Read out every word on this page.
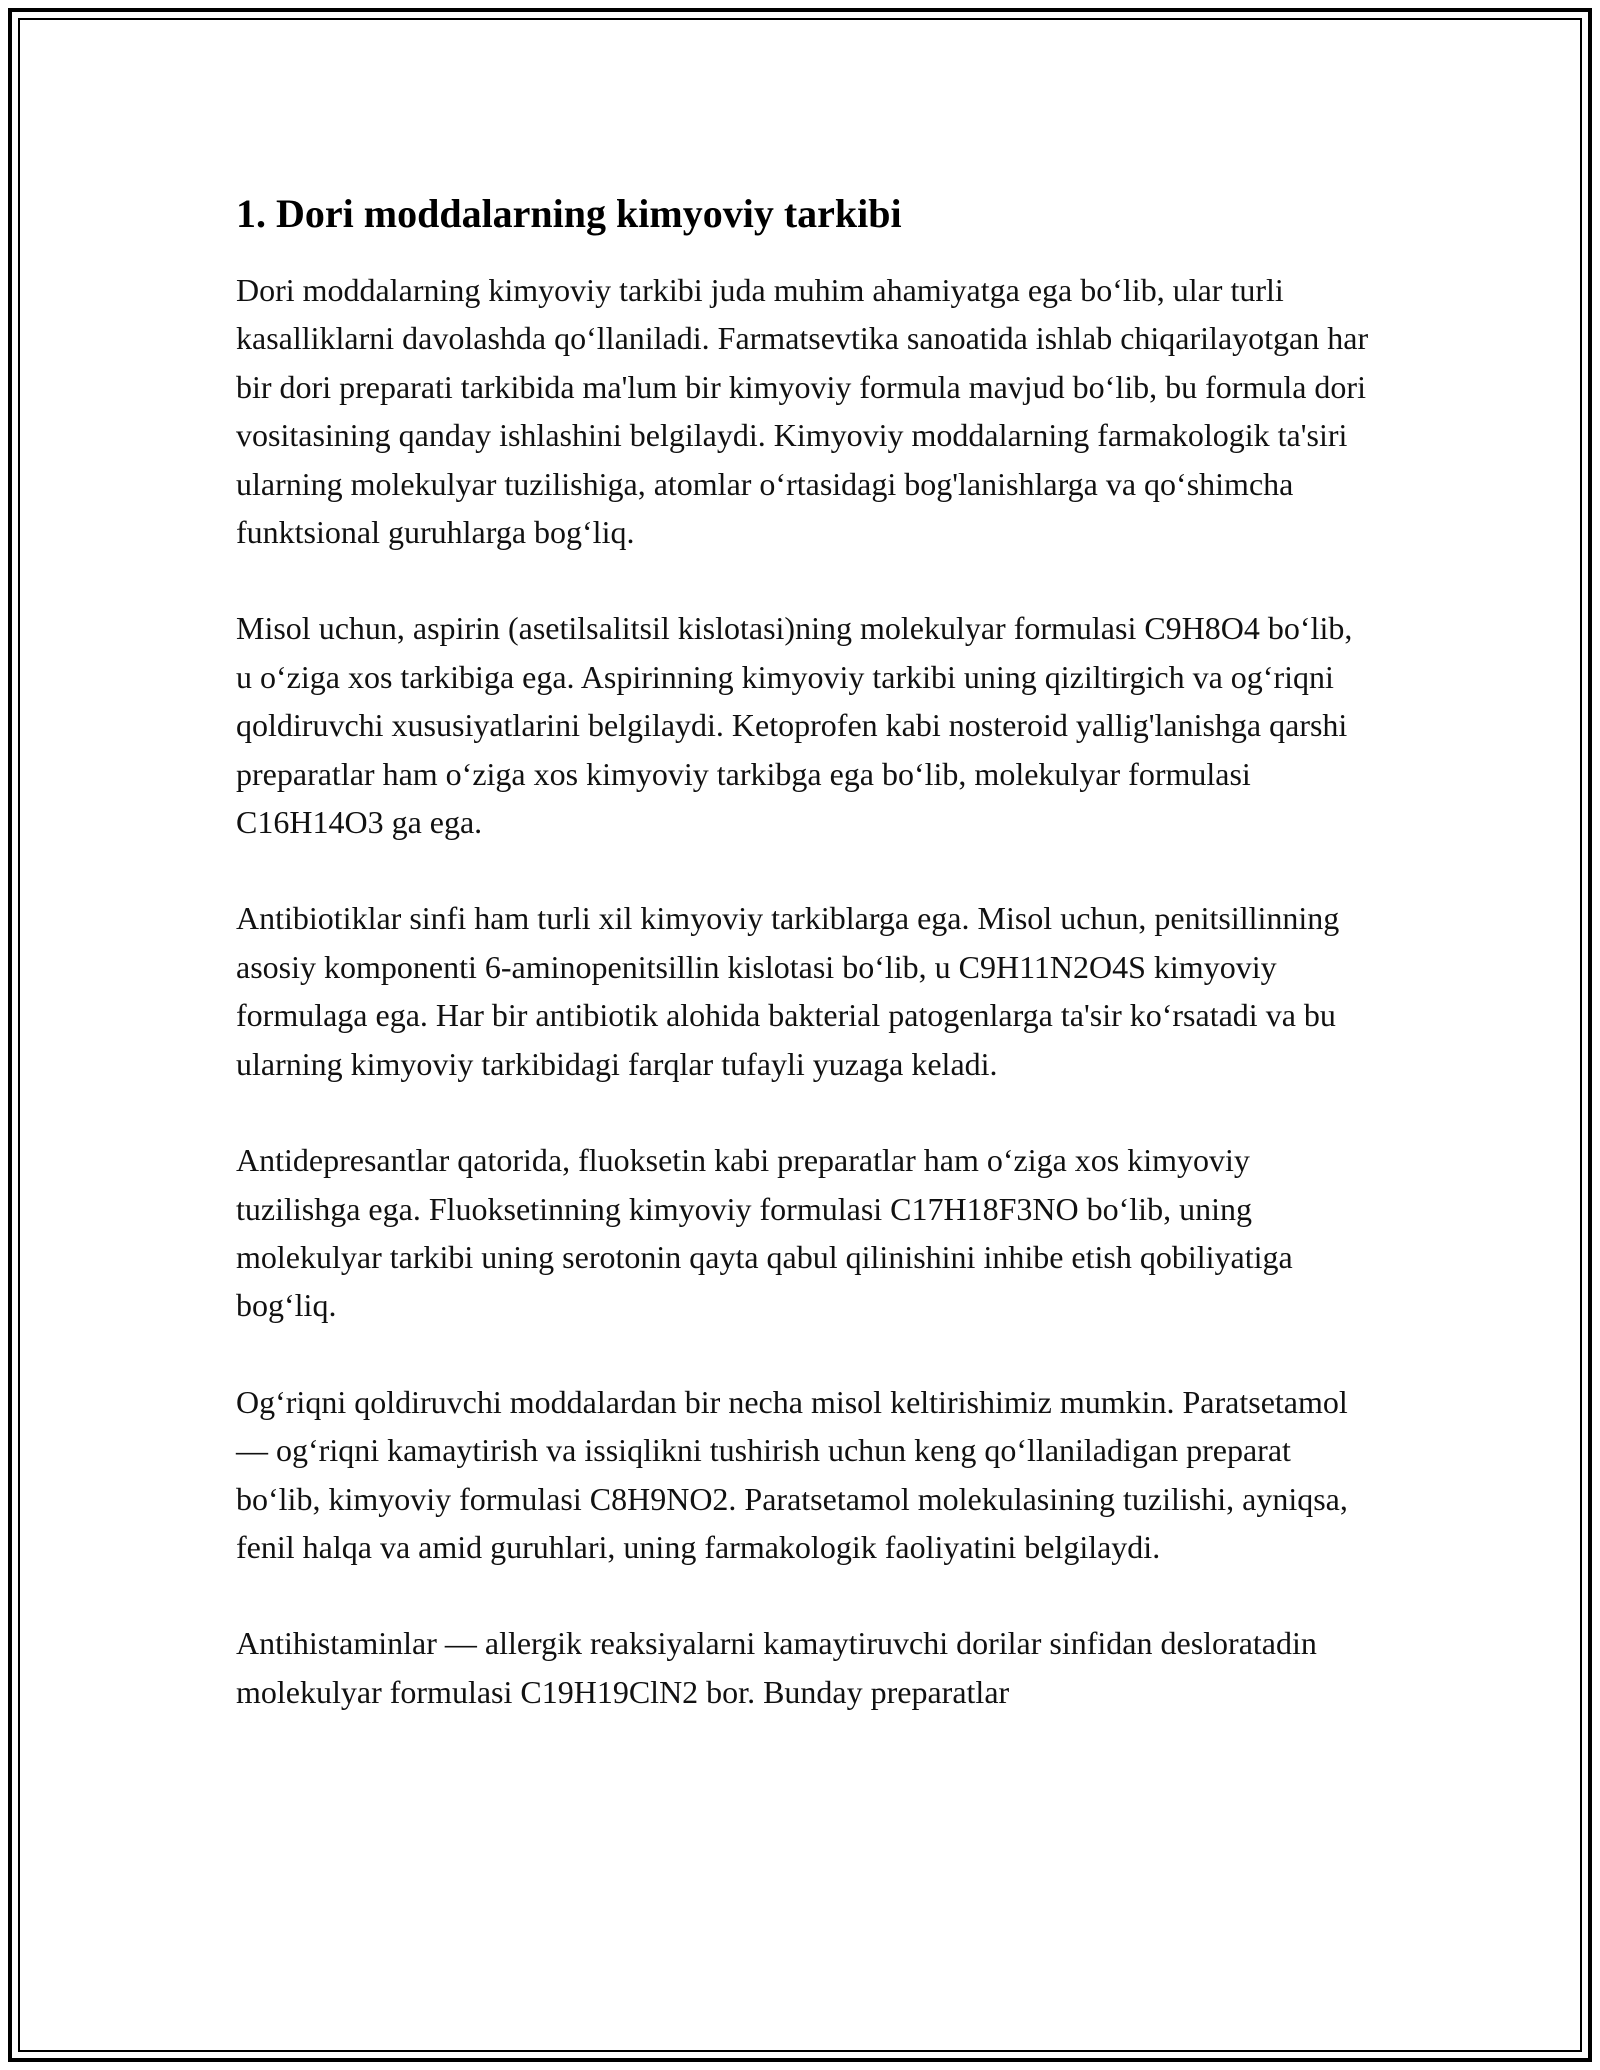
1. Dori moddalarning kimyoviy tarkibi

Dori moddalarning kimyoviy tarkibi juda muhim ahamiyatga ega bo‘lib, ular turli kasalliklarni davolashda qo‘llaniladi. Farmatsevtika sanoatida ishlab chiqarilayotgan har bir dori preparati tarkibida ma'lum bir kimyoviy formula mavjud bo‘lib, bu formula dori vositasining qanday ishlashini belgilaydi. Kimyoviy moddalarning farmakologik ta'siri ularning molekulyar tuzilishiga, atomlar o‘rtasidagi bog'lanishlarga va qo‘shimcha funktsional guruhlarga bog‘liq.

Misol uchun, aspirin (asetilsalitsil kislotasi)ning molekulyar formulasi C9H8O4 bo‘lib, u o‘ziga xos tarkibiga ega. Aspirinning kimyoviy tarkibi uning qiziltirgich va og‘riqni qoldiruvchi xususiyatlarini belgilaydi. Ketoprofen kabi nosteroid yallig'lanishga qarshi preparatlar ham o‘ziga xos kimyoviy tarkibga ega bo‘lib, molekulyar formulasi C16H14O3 ga ega.

Antibiotiklar sinfi ham turli xil kimyoviy tarkiblarga ega. Misol uchun, penitsillinning asosiy komponenti 6-aminopenitsillin kislotasi bo‘lib, u C9H11N2O4S kimyoviy formulaga ega. Har bir antibiotik alohida bakterial patogenlarga ta'sir ko‘rsatadi va bu ularning kimyoviy tarkibidagi farqlar tufayli yuzaga keladi.

Antidepresantlar qatorida, fluoksetin kabi preparatlar ham o‘ziga xos kimyoviy tuzilishga ega. Fluoksetinning kimyoviy formulasi C17H18F3NO bo‘lib, uning molekulyar tarkibi uning serotonin qayta qabul qilinishini inhibe etish qobiliyatiga bog‘liq.

Og‘riqni qoldiruvchi moddalardan bir necha misol keltirishimiz mumkin. Paratsetamol — og‘riqni kamaytirish va issiqlikni tushirish uchun keng qo‘llaniladigan preparat bo‘lib, kimyoviy formulasi C8H9NO2. Paratsetamol molekulasining tuzilishi, ayniqsa, fenil halqa va amid guruhlari, uning farmakologik faoliyatini belgilaydi.

Antihistaminlar — allergik reaksiyalarni kamaytiruvchi dorilar sinfidan desloratadin molekulyar formulasi C19H19ClN2 bor. Bunday preparatlar
